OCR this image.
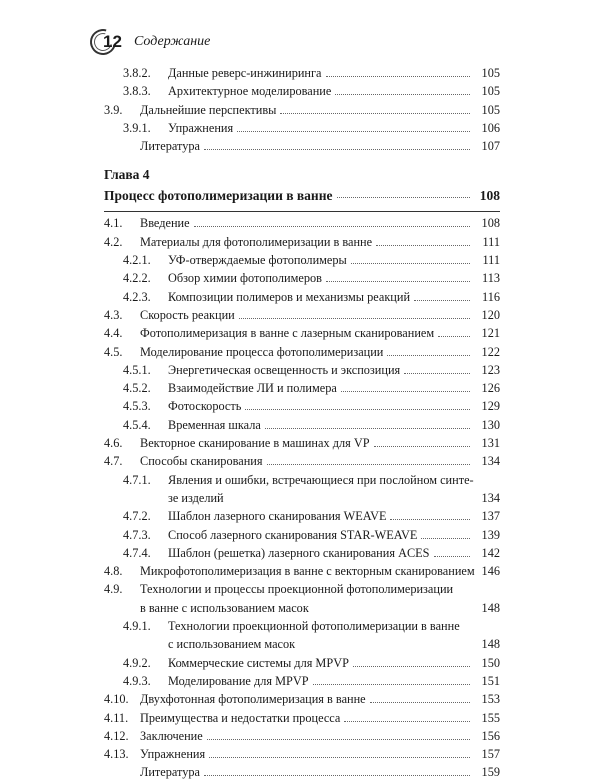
12 Содержание
3.8.2. Данные реверс-инжиниринга	105
3.8.3. Архитектурное моделирование	105
3.9. Дальнейшие перспективы	105
3.9.1. Упражнения	106
Литература	107
Глава 4
Процесс фотополимеризации в ванне	108
4.1. Введение	108
4.2. Материалы для фотополимеризации в ванне	111
4.2.1. УФ-отверждаемые фотополимеры	111
4.2.2. Обзор химии фотополимеров	113
4.2.3. Композиции полимеров и механизмы реакций	116
4.3. Скорость реакции	120
4.4. Фотополимеризация в ванне с лазерным сканированием	121
4.5. Моделирование процесса фотополимеризации	122
4.5.1. Энергетическая освещенность и экспозиция	123
4.5.2. Взаимодействие ЛИ и полимера	126
4.5.3. Фотоскорость	129
4.5.4. Временная шкала	130
4.6. Векторное сканирование в машинах для VP	131
4.7. Способы сканирования	134
4.7.1. Явления и ошибки, встречающиеся при послойном синте-
зе изделий	134
4.7.2. Шаблон лазерного сканирования WEAVE	137
4.7.3. Способ лазерного сканирования STAR-WEAVE	139
4.7.4. Шаблон (решетка) лазерного сканирования ACES	142
4.8. Микрофотополимеризация в ванне с векторным сканированием 146
4.9. Технологии и процессы проекционной фотополимеризации
в ванне с использованием масок	148
4.9.1. Технологии проекционной фотополимеризации в ванне
с использованием масок	148
4.9.2. Коммерческие системы для MPVP	150
4.9.3. Моделирование для MPVP	151
4.10. Двухфотонная фотополимеризация в ванне	153
4.11. Преимущества и недостатки процесса	155
4.12. Заключение	156
4.13. Упражнения	157
Литература	159
